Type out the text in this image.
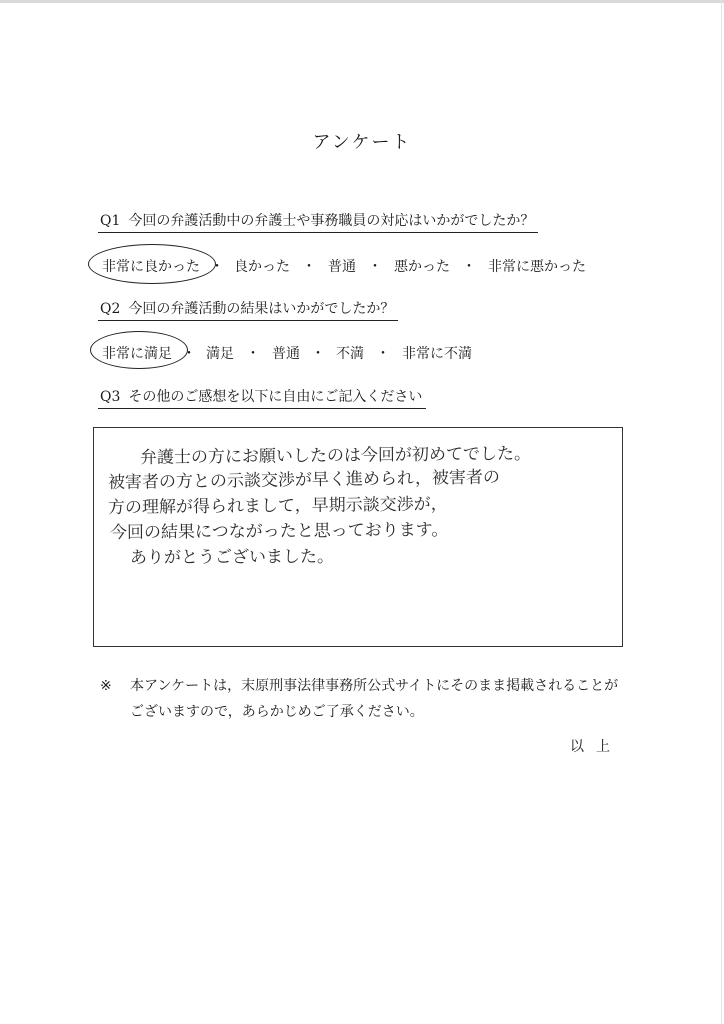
アンケート
Q1 今回の弁護活動中の弁護士や事務職員の対応はいかがでしたか？
非常に良かった ・ 良かった ・ 普通 ・ 悪かった ・ 非常に悪かった
Q2 今回の弁護活動の結果はいかがでしたか？
非常に満足 ・ 満足 ・ 普通 ・ 不満 ・ 非常に不満
Q3 その他のご感想を以下に自由にご記入ください
弁護士の方にお願いしたのは今回が初めてでした。
被害者の方との示談交渉が早く進められ，被害者の
方の理解が得られまして，早期示談交渉が，
今回の結果につながったと思っております。
ありがとうございました。
※ 本アンケートは，末原刑事法律事務所公式サイトにそのまま掲載されることがございますので，あらかじめご了承ください。
以上
